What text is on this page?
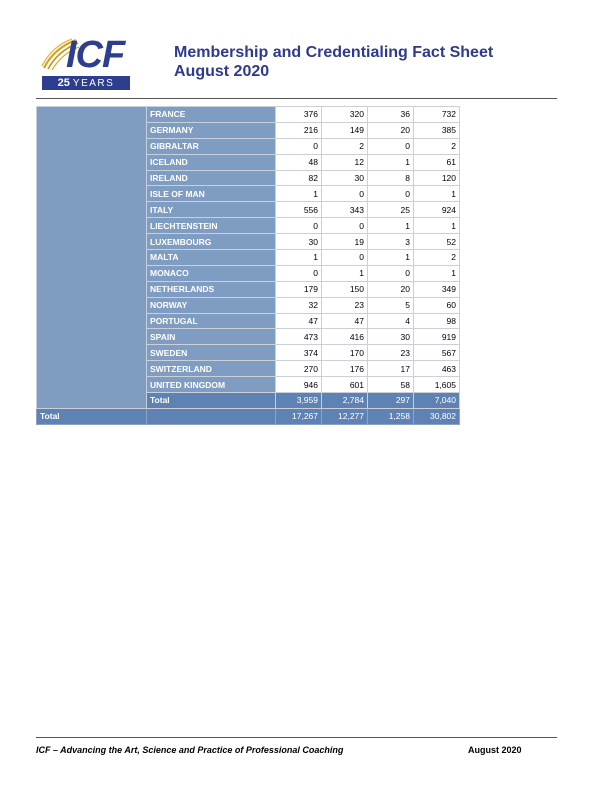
ICF
25 YEARS
Membership and Credentialing Fact Sheet
August 2020
	FRANCE	376	320	36	732
	GERMANY	216	149	20	385
	GIBRALTAR	0	2	0	2
	ICELAND	48	12	1	61
	IRELAND	82	30	8	120
	ISLE OF MAN	1	0	0	1
	ITALY	556	343	25	924
	LIECHTENSTEIN	0	0	1	1
	LUXEMBOURG	30	19	3	52
	MALTA	1	0	1	2
	MONACO	0	1	0	1
	NETHERLANDS	179	150	20	349
	NORWAY	32	23	5	60
	PORTUGAL	47	47	4	98
	SPAIN	473	416	30	919
	SWEDEN	374	170	23	567
	SWITZERLAND	270	176	17	463
	UNITED KINGDOM	946	601	58	1,605
	Total	3,959	2,784	297	7,040
Total		17,267	12,277	1,258	30,802
ICF – Advancing the Art, Science and Practice of Professional Coaching	August 2020
